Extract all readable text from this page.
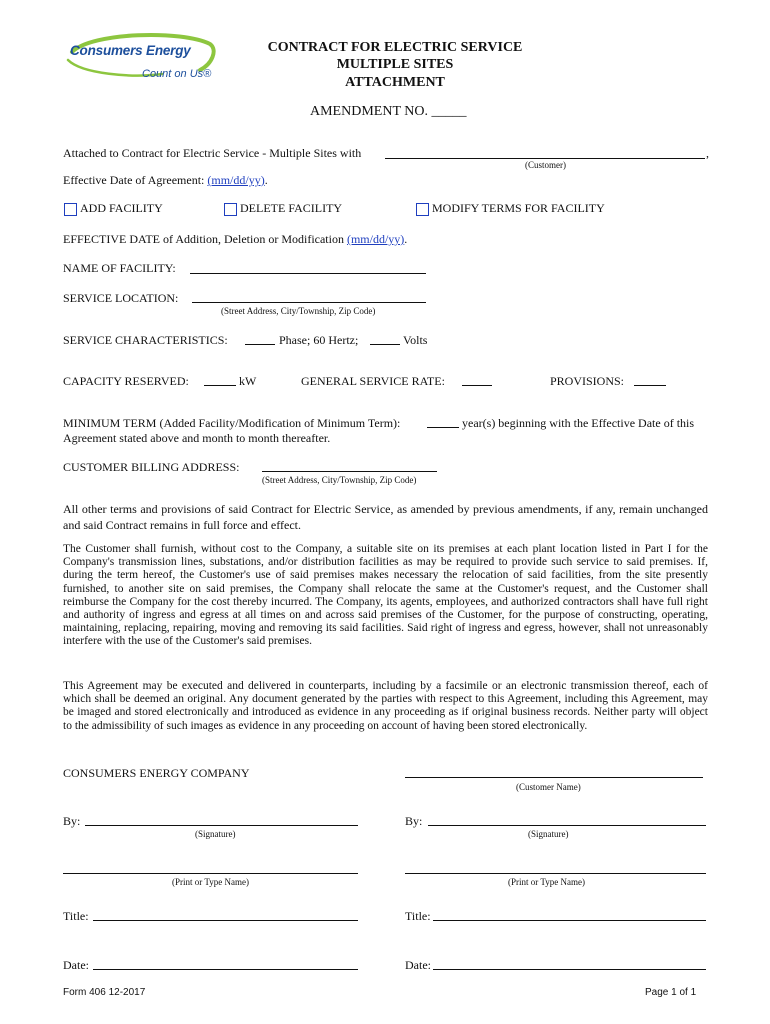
Consumers Energy
Count on Us®
CONTRACT FOR ELECTRIC SERVICE
MULTIPLE SITES
ATTACHMENT
AMENDMENT NO. _____
Attached to Contract for Electric Service - Multiple Sites with	,
(Customer)
Effective Date of Agreement: (mm/dd/yy).
ADD FACILITY	DELETE FACILITY	MODIFY TERMS FOR FACILITY
EFFECTIVE DATE of Addition, Deletion or Modification (mm/dd/yy).
NAME OF FACILITY:
SERVICE LOCATION:
(Street Address, City/Township, Zip Code)
SERVICE CHARACTERISTICS:	Phase; 60 Hertz;	Volts
CAPACITY RESERVED:	kW	GENERAL SERVICE RATE:	PROVISIONS:
MINIMUM TERM (Added Facility/Modification of Minimum Term):	year(s) beginning with the Effective Date of this
Agreement stated above and month to month thereafter.
CUSTOMER BILLING ADDRESS:
(Street Address, City/Township, Zip Code)
All other terms and provisions of said Contract for Electric Service, as amended by previous amendments, if any, remain unchanged and said Contract remains in full force and effect.
The Customer shall furnish, without cost to the Company, a suitable site on its premises at each plant location listed in Part I for the Company's transmission lines, substations, and/or distribution facilities as may be required to provide such service to said premises. If, during the term hereof, the Customer's use of said premises makes necessary the relocation of said facilities, from the site presently furnished, to another site on said premises, the Company shall relocate the same at the Customer's request, and the Customer shall reimburse the Company for the cost thereby incurred. The Company, its agents, employees, and authorized contractors shall have full right and authority of ingress and egress at all times on and across said premises of the Customer, for the purpose of constructing, operating, maintaining, replacing, repairing, moving and removing its said facilities. Said right of ingress and egress, however, shall not unreasonably interfere with the use of the Customer's said premises.
This Agreement may be executed and delivered in counterparts, including by a facsimile or an electronic transmission thereof, each of which shall be deemed an original. Any document generated by the parties with respect to this Agreement, including this Agreement, may be imaged and stored electronically and introduced as evidence in any proceeding as if original business records. Neither party will object to the admissibility of such images as evidence in any proceeding on account of having been stored electronically.
CONSUMERS ENERGY COMPANY
(Customer Name)
By:
(Signature)
By:
(Signature)
(Print or Type Name)	(Print or Type Name)
Title:	Title:
Date:	Date:
Form 406 12-2017	Page 1 of 1
